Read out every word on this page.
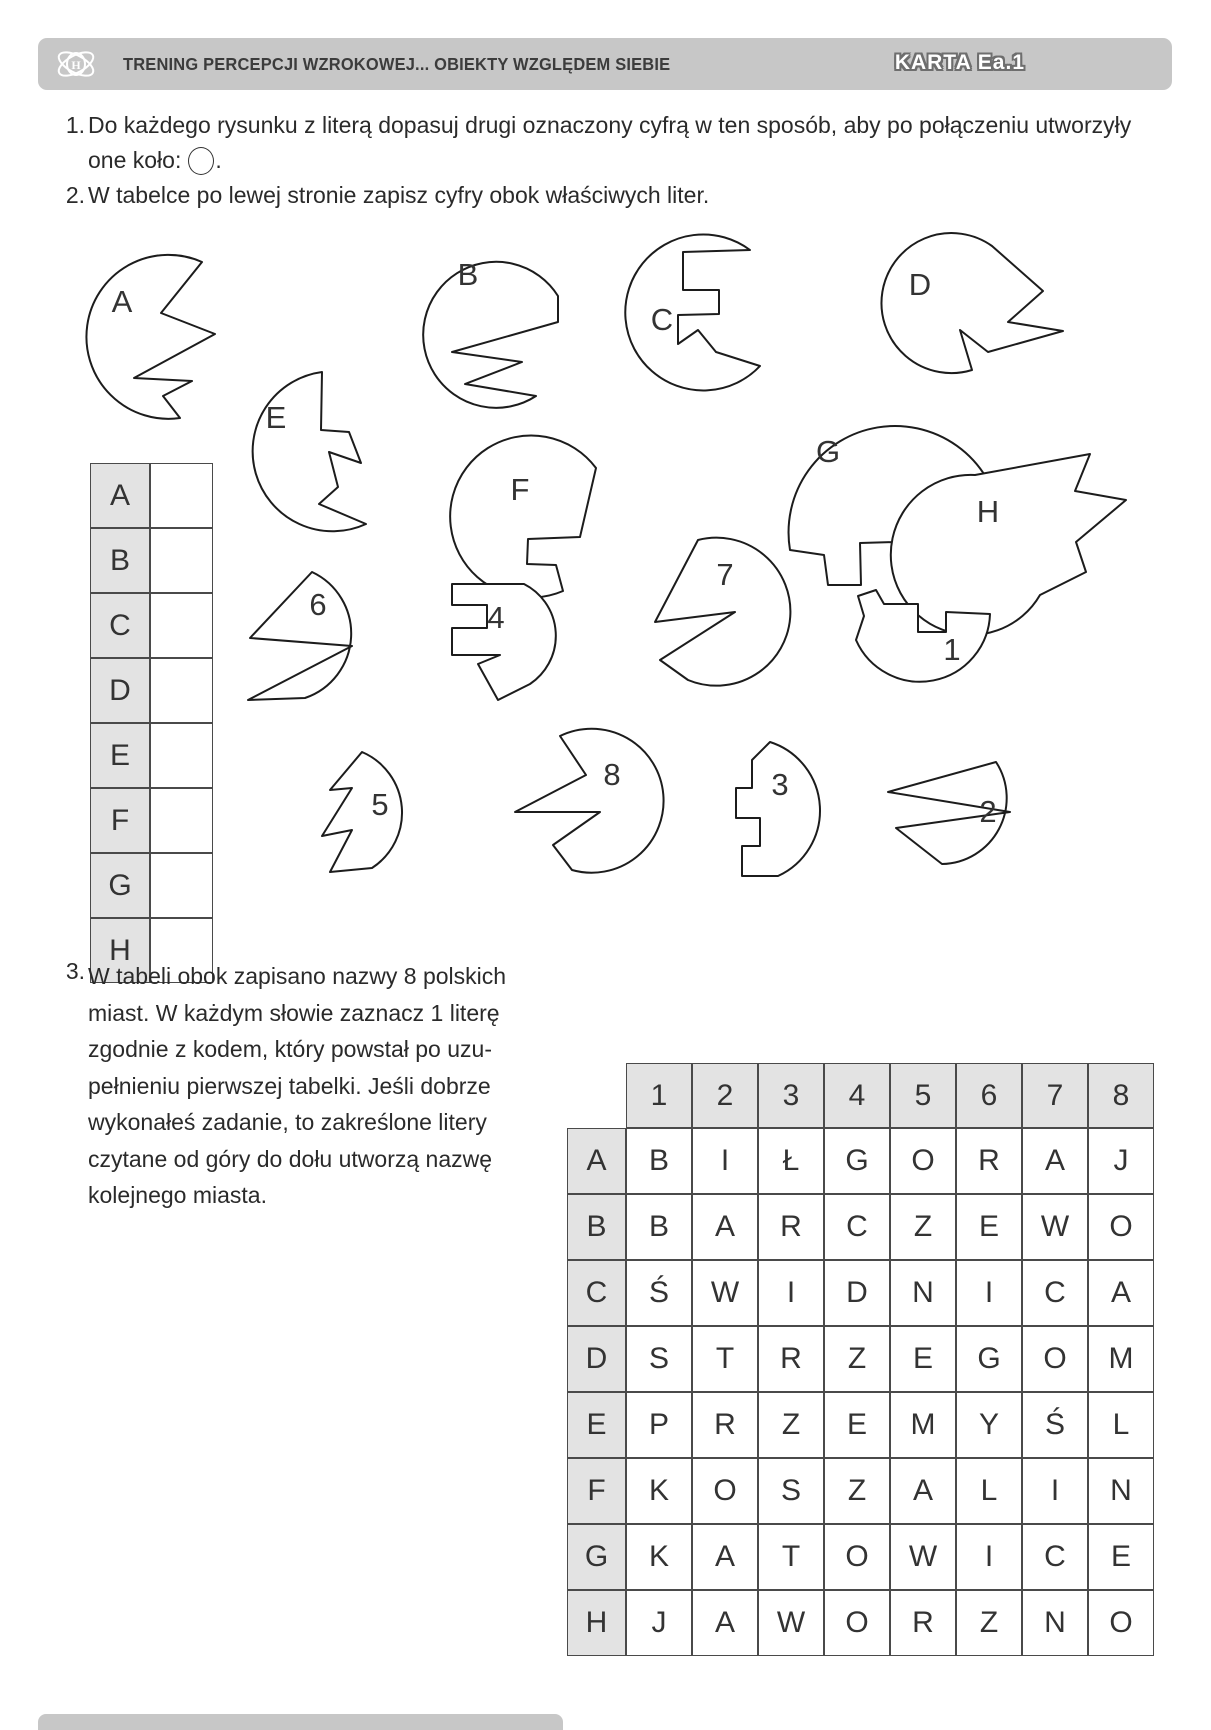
H TRENING PERCEPCJI WZROKOWEJ... OBIEKTY WZGLĘDEM SIEBIE	KARTA Ea.1
1. Do każdego rysunku z literą dopasuj drugi oznaczony cyfrą w ten sposób, aby po połączeniu utworzyły
one koło: .
2. W tabelce po lewej stronie zapisz cyfry obok właściwych liter.
A
B
C
D
E
F
G
H
1
2
3
4
5
6
7
8
A
B
C
D
E
F
G
H
3. W tabeli obok zapisano nazwy 8 polskich
miast. W każdym słowie zaznacz 1 literę
zgodnie z kodem, który powstał po uzu-
pełnieniu pierwszej tabelki. Jeśli dobrze
wykonałeś zadanie, to zakreślone litery
czytane od góry do dołu utworzą nazwę
kolejnego miasta.
1	2	3	4	5	6	7	8
A	B	I	Ł	G	O	R	A	J
B	B	A	R	C	Z	E	W	O
C	Ś	W	I	D	N	I	C	A
D	S	T	R	Z	E	G	O	M
E	P	R	Z	E	M	Y	Ś	L
F	K	O	S	Z	A	L	I	N
G	K	A	T	O	W	I	C	E
H	J	A	W	O	R	Z	N	O
